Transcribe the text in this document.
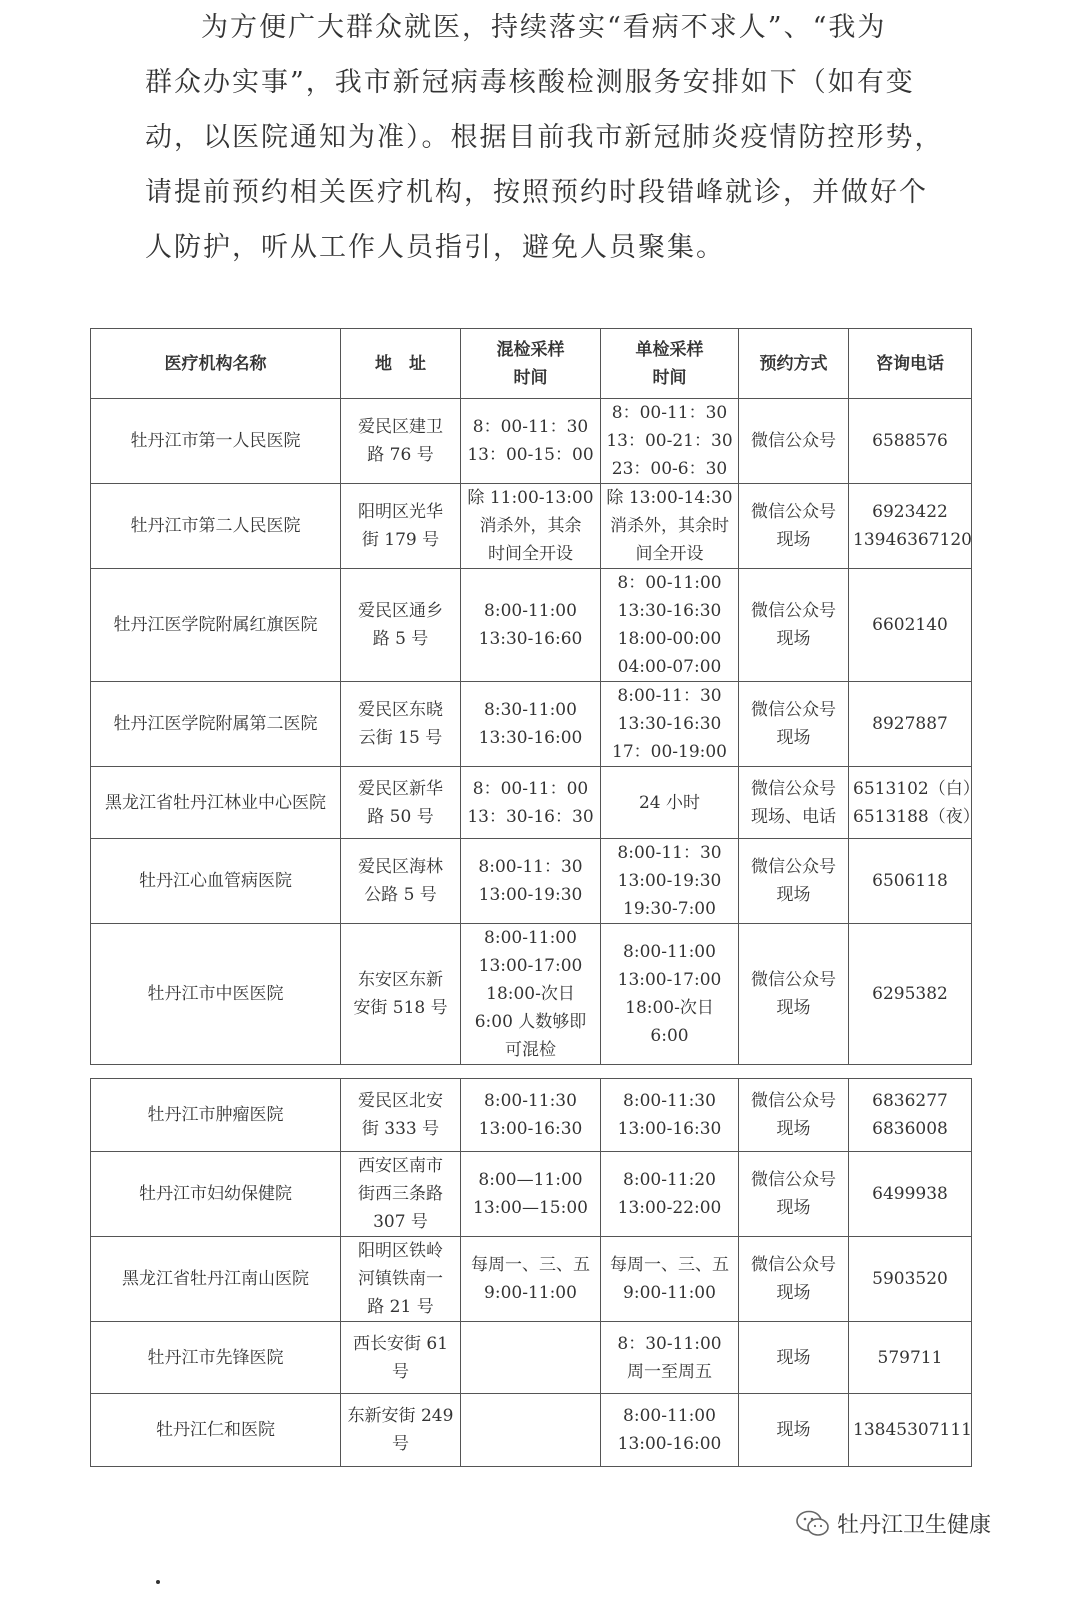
为方便广大群众就医，持续落实“看病不求人”、“我为
群众办实事”，我市新冠病毒核酸检测服务安排如下（如有变
动，以医院通知为准）。根据目前我市新冠肺炎疫情防控形势，
请提前预约相关医疗机构，按照预约时段错峰就诊，并做好个
人防护，听从工作人员指引，避免人员聚集。
医疗机构名称	地　址	混检采样
时间	单检采样
时间	预约方式	咨询电话

牡丹江市第一人民医院	爱民区建卫
路 76 号	8：00-11：30
13：00-15：00	8：00-11：30
13：00-21：30
23：00-6：30	微信公众号	6588576

牡丹江市第二人民医院	阳明区光华
街 179 号	除 11:00-13:00
消杀外，其余
时间全开设	除 13:00-14:30
消杀外，其余时
间全开设	微信公众号
现场	6923422
13946367120

牡丹江医学院附属红旗医院	爱民区通乡
路 5 号	8:00-11:00
13:30-16:60	8：00-11:00
13:30-16:30
18:00-00:00
04:00-07:00	微信公众号
现场	6602140

牡丹江医学院附属第二医院	爱民区东晓
云街 15 号	8:30-11:00
13:30-16:00	8:00-11：30
13:30-16:30
17：00-19:00	微信公众号
现场	8927887

黑龙江省牡丹江林业中心医院	爱民区新华
路 50 号	8：00-11：00
13：30-16：30	24 小时	微信公众号
现场、电话	6513102（白）
6513188（夜）

牡丹江心血管病医院	爱民区海林
公路 5 号	8:00-11：30
13:00-19:30	8:00-11：30
13:00-19:30
19:30-7:00	微信公众号
现场	6506118

牡丹江市中医医院	东安区东新
安街 518 号	8:00-11:00
13:00-17:00
18:00-次日
6:00 人数够即
可混检	8:00-11:00
13:00-17:00
18:00-次日
6:00	微信公众号
现场	6295382
牡丹江市肿瘤医院	爱民区北安
街 333 号	8:00-11:30
13:00-16:30	8:00-11:30
13:00-16:30	微信公众号
现场	6836277
6836008

牡丹江市妇幼保健院	西安区南市
街西三条路
307 号	8:00—11:00
13:00—15:00	8:00-11:20
13:00-22:00	微信公众号
现场	6499938

黑龙江省牡丹江南山医院	阳明区铁岭
河镇铁南一
路 21 号	每周一、三、五
9:00-11:00	每周一、三、五
9:00-11:00	微信公众号
现场	5903520

牡丹江市先锋医院	西长安街 61
号		8：30-11:00
周一至周五	现场	579711

牡丹江仁和医院	东新安街 249
号		8:00-11:00
13:00-16:00	现场	13845307111
牡丹江卫生健康
